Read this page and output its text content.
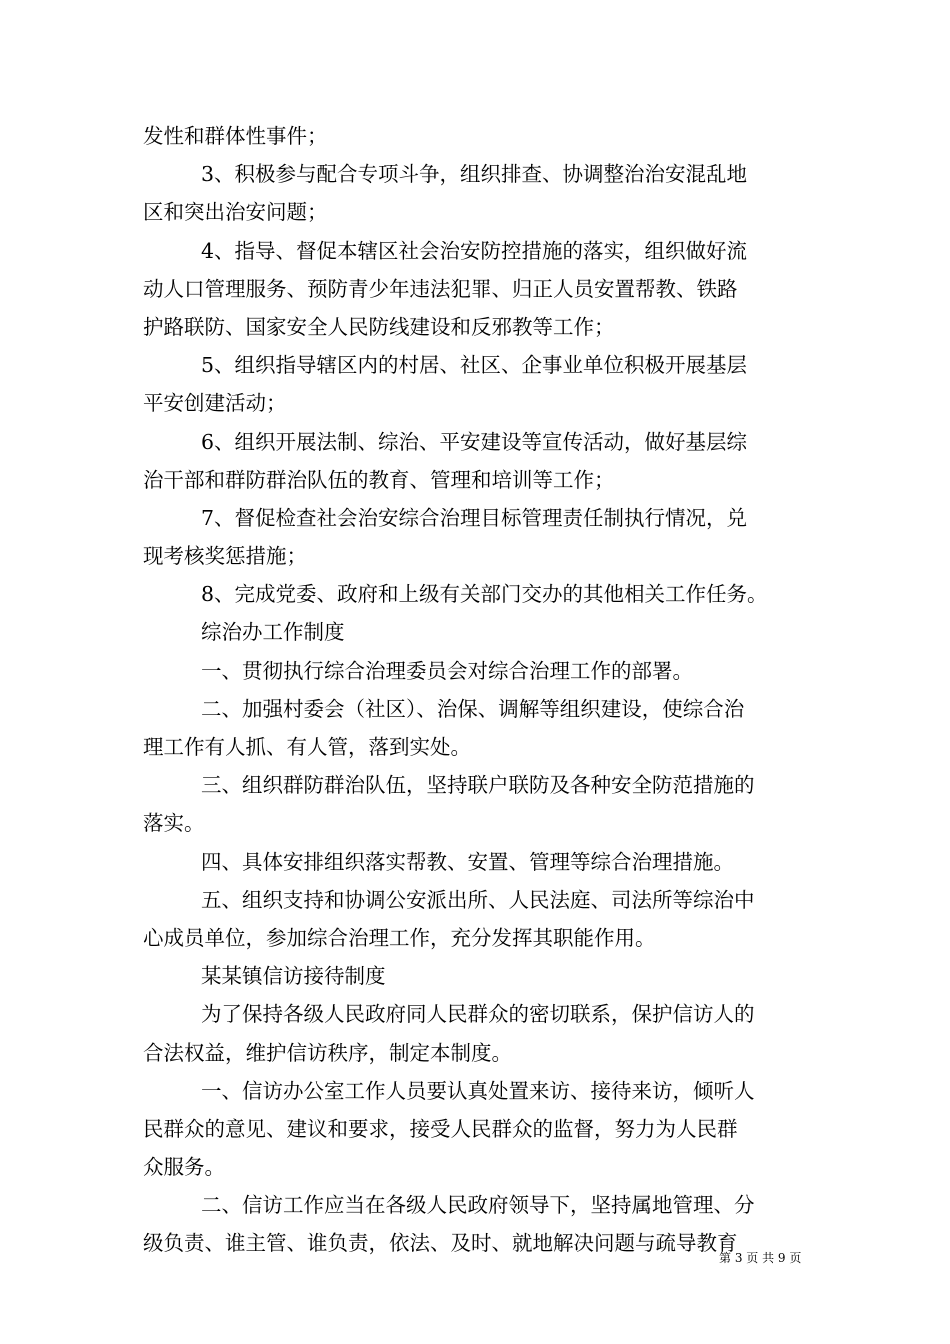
发性和群体性事件；
3、积极参与配合专项斗争，组织排查、协调整治治安混乱地
区和突出治安问题；
4、指导、督促本辖区社会治安防控措施的落实，组织做好流
动人口管理服务、预防青少年违法犯罪、归正人员安置帮教、铁路
护路联防、国家安全人民防线建设和反邪教等工作；
5、组织指导辖区内的村居、社区、企事业单位积极开展基层
平安创建活动；
6、组织开展法制、综治、平安建设等宣传活动，做好基层综
治干部和群防群治队伍的教育、管理和培训等工作；
7、督促检查社会治安综合治理目标管理责任制执行情况，兑
现考核奖惩措施；
8、完成党委、政府和上级有关部门交办的其他相关工作任务。
综治办工作制度
一、贯彻执行综合治理委员会对综合治理工作的部署。
二、加强村委会（社区）、治保、调解等组织建设，使综合治
理工作有人抓、有人管，落到实处。
三、组织群防群治队伍，坚持联户联防及各种安全防范措施的
落实。
四、具体安排组织落实帮教、安置、管理等综合治理措施。
五、组织支持和协调公安派出所、人民法庭、司法所等综治中
心成员单位，参加综合治理工作，充分发挥其职能作用。
某某镇信访接待制度
为了保持各级人民政府同人民群众的密切联系，保护信访人的
合法权益，维护信访秩序，制定本制度。
一、信访办公室工作人员要认真处置来访、接待来访，倾听人
民群众的意见、建议和要求，接受人民群众的监督，努力为人民群
众服务。
二、信访工作应当在各级人民政府领导下，坚持属地管理、分
级负责、谁主管、谁负责，依法、及时、就地解决问题与疏导教育
第 3 页 共 9 页
